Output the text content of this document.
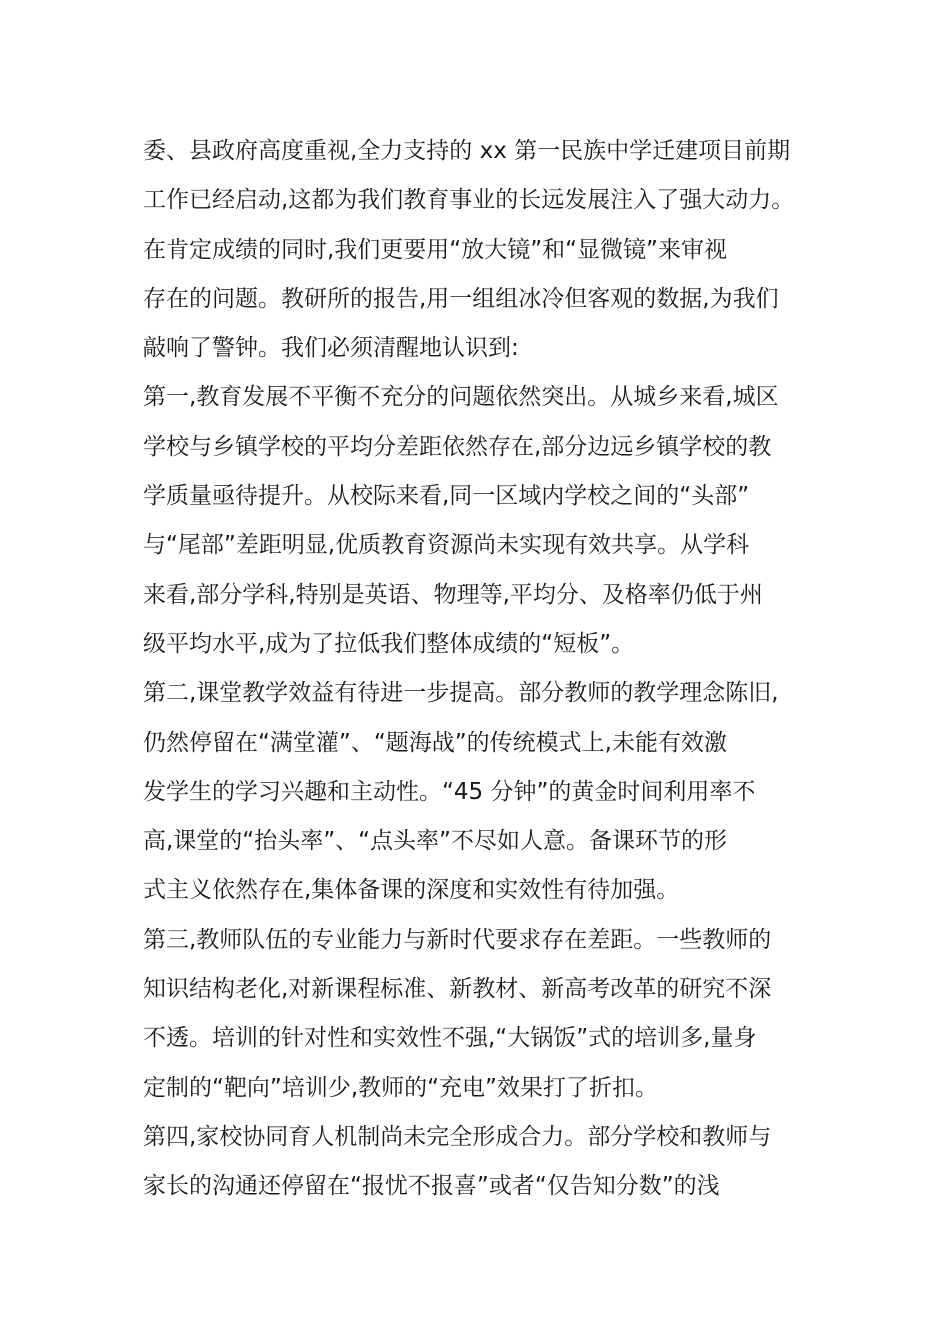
委、县政府高度重视,全力支持的 xx 第一民族中学迁建项目前期
工作已经启动,这都为我们教育事业的长远发展注入了强大动力。
在肯定成绩的同时,我们更要用“放大镜”和“显微镜”来审视
存在的问题。教研所的报告,用一组组冰冷但客观的数据,为我们
敲响了警钟。我们必须清醒地认识到:
第一,教育发展不平衡不充分的问题依然突出。从城乡来看,城区
学校与乡镇学校的平均分差距依然存在,部分边远乡镇学校的教
学质量亟待提升。从校际来看,同一区域内学校之间的“头部”
与“尾部”差距明显,优质教育资源尚未实现有效共享。从学科
来看,部分学科,特别是英语、物理等,平均分、及格率仍低于州
级平均水平,成为了拉低我们整体成绩的“短板”。
第二,课堂教学效益有待进一步提高。部分教师的教学理念陈旧,
仍然停留在“满堂灌”、“题海战”的传统模式上,未能有效激
发学生的学习兴趣和主动性。“45 分钟”的黄金时间利用率不
高,课堂的“抬头率”、“点头率”不尽如人意。备课环节的形
式主义依然存在,集体备课的深度和实效性有待加强。
第三,教师队伍的专业能力与新时代要求存在差距。一些教师的
知识结构老化,对新课程标准、新教材、新高考改革的研究不深
不透。培训的针对性和实效性不强,“大锅饭”式的培训多,量身
定制的“靶向”培训少,教师的“充电”效果打了折扣。
第四,家校协同育人机制尚未完全形成合力。部分学校和教师与
家长的沟通还停留在“报忧不报喜”或者“仅告知分数”的浅
